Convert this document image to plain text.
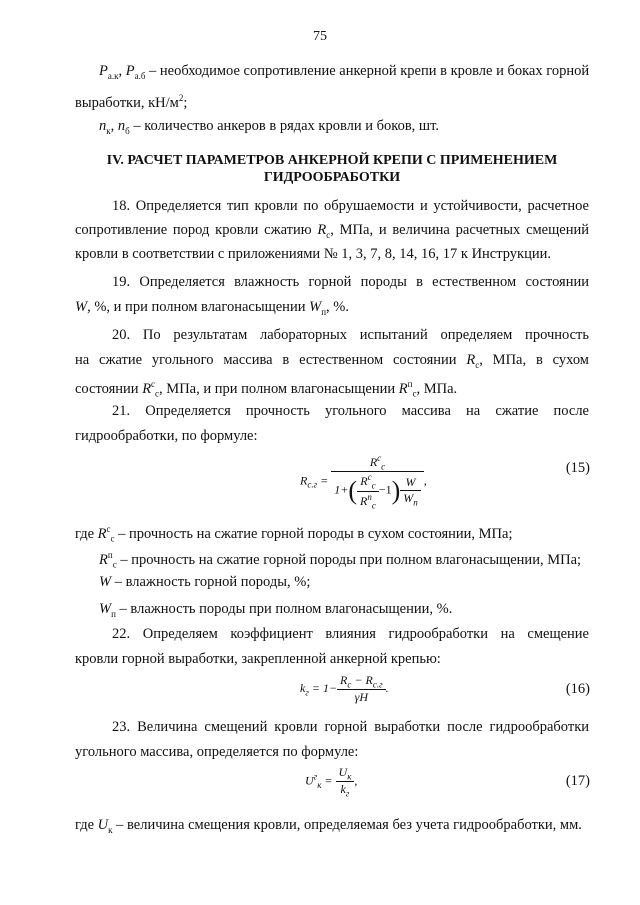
75
$P_{а.к}$, $P_{а.б}$ – необходимое сопротивление анкерной крепи в кровле и боках горной
выработки, $кН/м^2$;
$n_к$, $n_б$ – количество анкеров в рядах кровли и боков, шт.
IV. РАСЧЕТ ПАРАМЕТРОВ АНКЕРНОЙ КРЕПИ С ПРИМЕНЕНИЕМ
ГИДРООБРАБОТКИ
18. Определяется тип кровли по обрушаемости и устойчивости, расчетное
сопротивление пород кровли сжатию $R_c$, МПа, и величина расчетных смещений
кровли в соответствии с приложениями № 1, 3, 7, 8, 14, 16, 17 к Инструкции.
19. Определяется влажность горной породы в естественном состоянии
W, %, и при полном влагонасыщении $W_п$, %.
20. По результатам лабораторных испытаний определяем прочность
на сжатие угольного массива в естественном состоянии $R_c$, МПа, в сухом
состоянии $R^c_c$, МПа, и при полном влагонасыщении $R^п_c$, МПа.
21. Определяется прочность угольного массива на сжатие после
гидрообработки, по формуле:
$R_{с.г} = \frac{R^с_с}{1+( \frac{R^с_с}{R^п_с} -1) \frac{W}{W_п}}$ ,
(15)
где $R^c_c$ – прочность на сжатие горной породы в сухом состоянии, МПа;
$R^п_c$ – прочность на сжатие горной породы при полном влагонасыщении, МПа;
W – влажность горной породы, %;
$W_п$ – влажность породы при полном влагонасыщении, %.
22. Определяем коэффициент влияния гидрообработки на смещение
кровли горной выработки, закрепленной анкерной крепью:
$k_г = 1- \frac{R_с - R_{с.г}}{\gamma H}$ .	(16)
23. Величина смещений кровли горной выработки после гидрообработки
угольного массива, определяется по формуле:
$U^г_к = \frac{U_к}{k_г}$ ,	(17)
где $U_к$ – величина смещения кровли, определяемая без учета гидрообработки, мм.
